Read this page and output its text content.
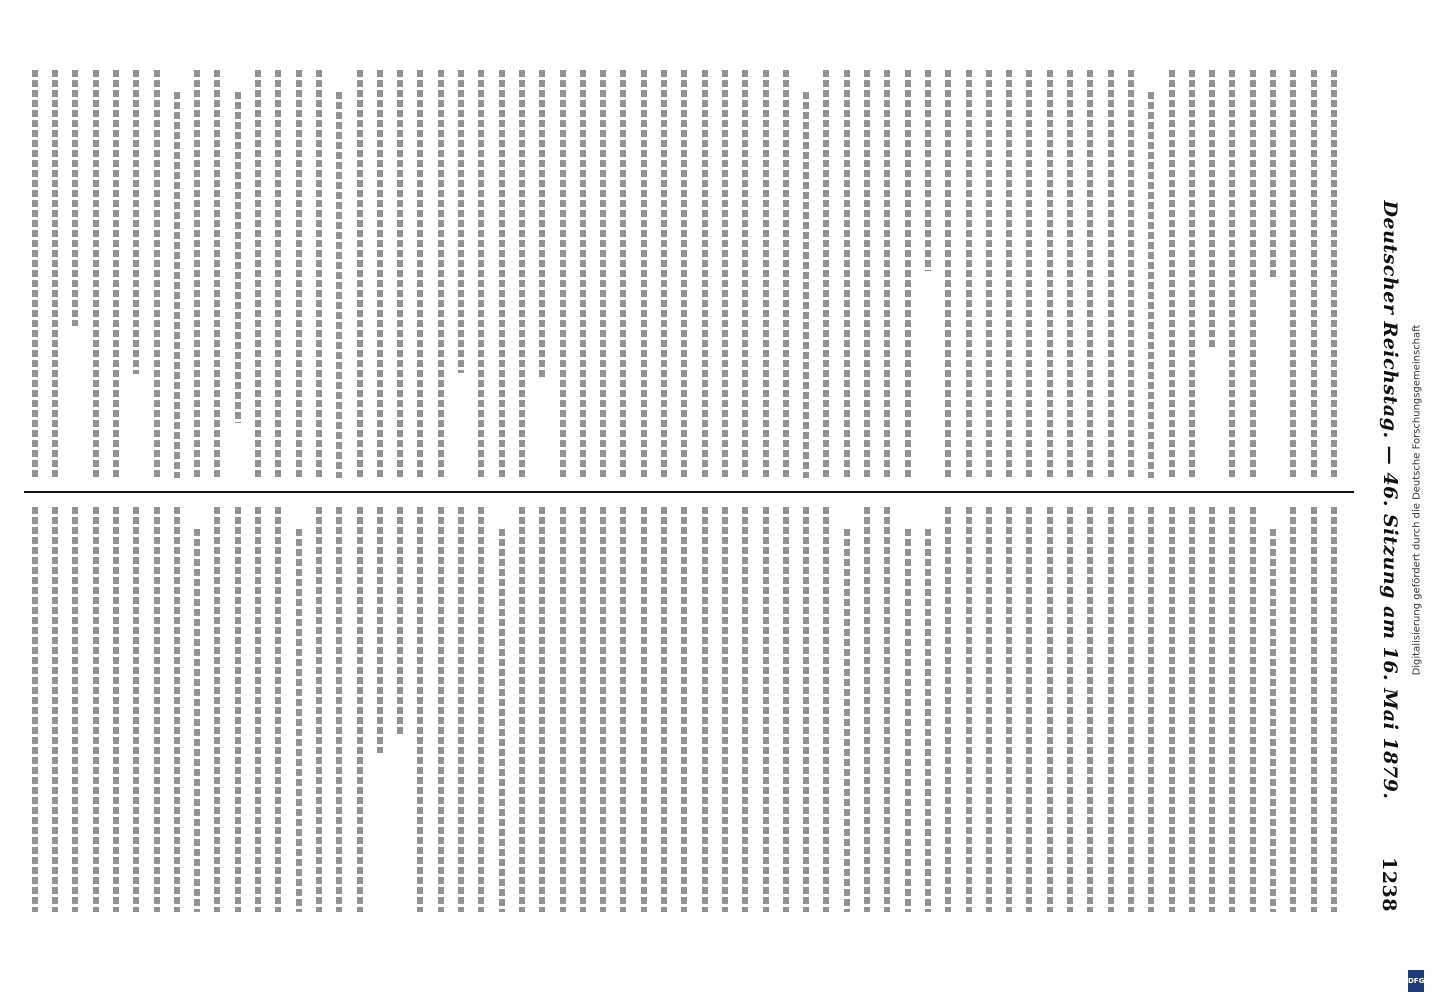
1238
Deutscher Reichstag. — 46. Sitzung am 16. Mai 1879. Digitalisierung gefördert durch die Deutsche Forschungsgemeinschaft
DFG
